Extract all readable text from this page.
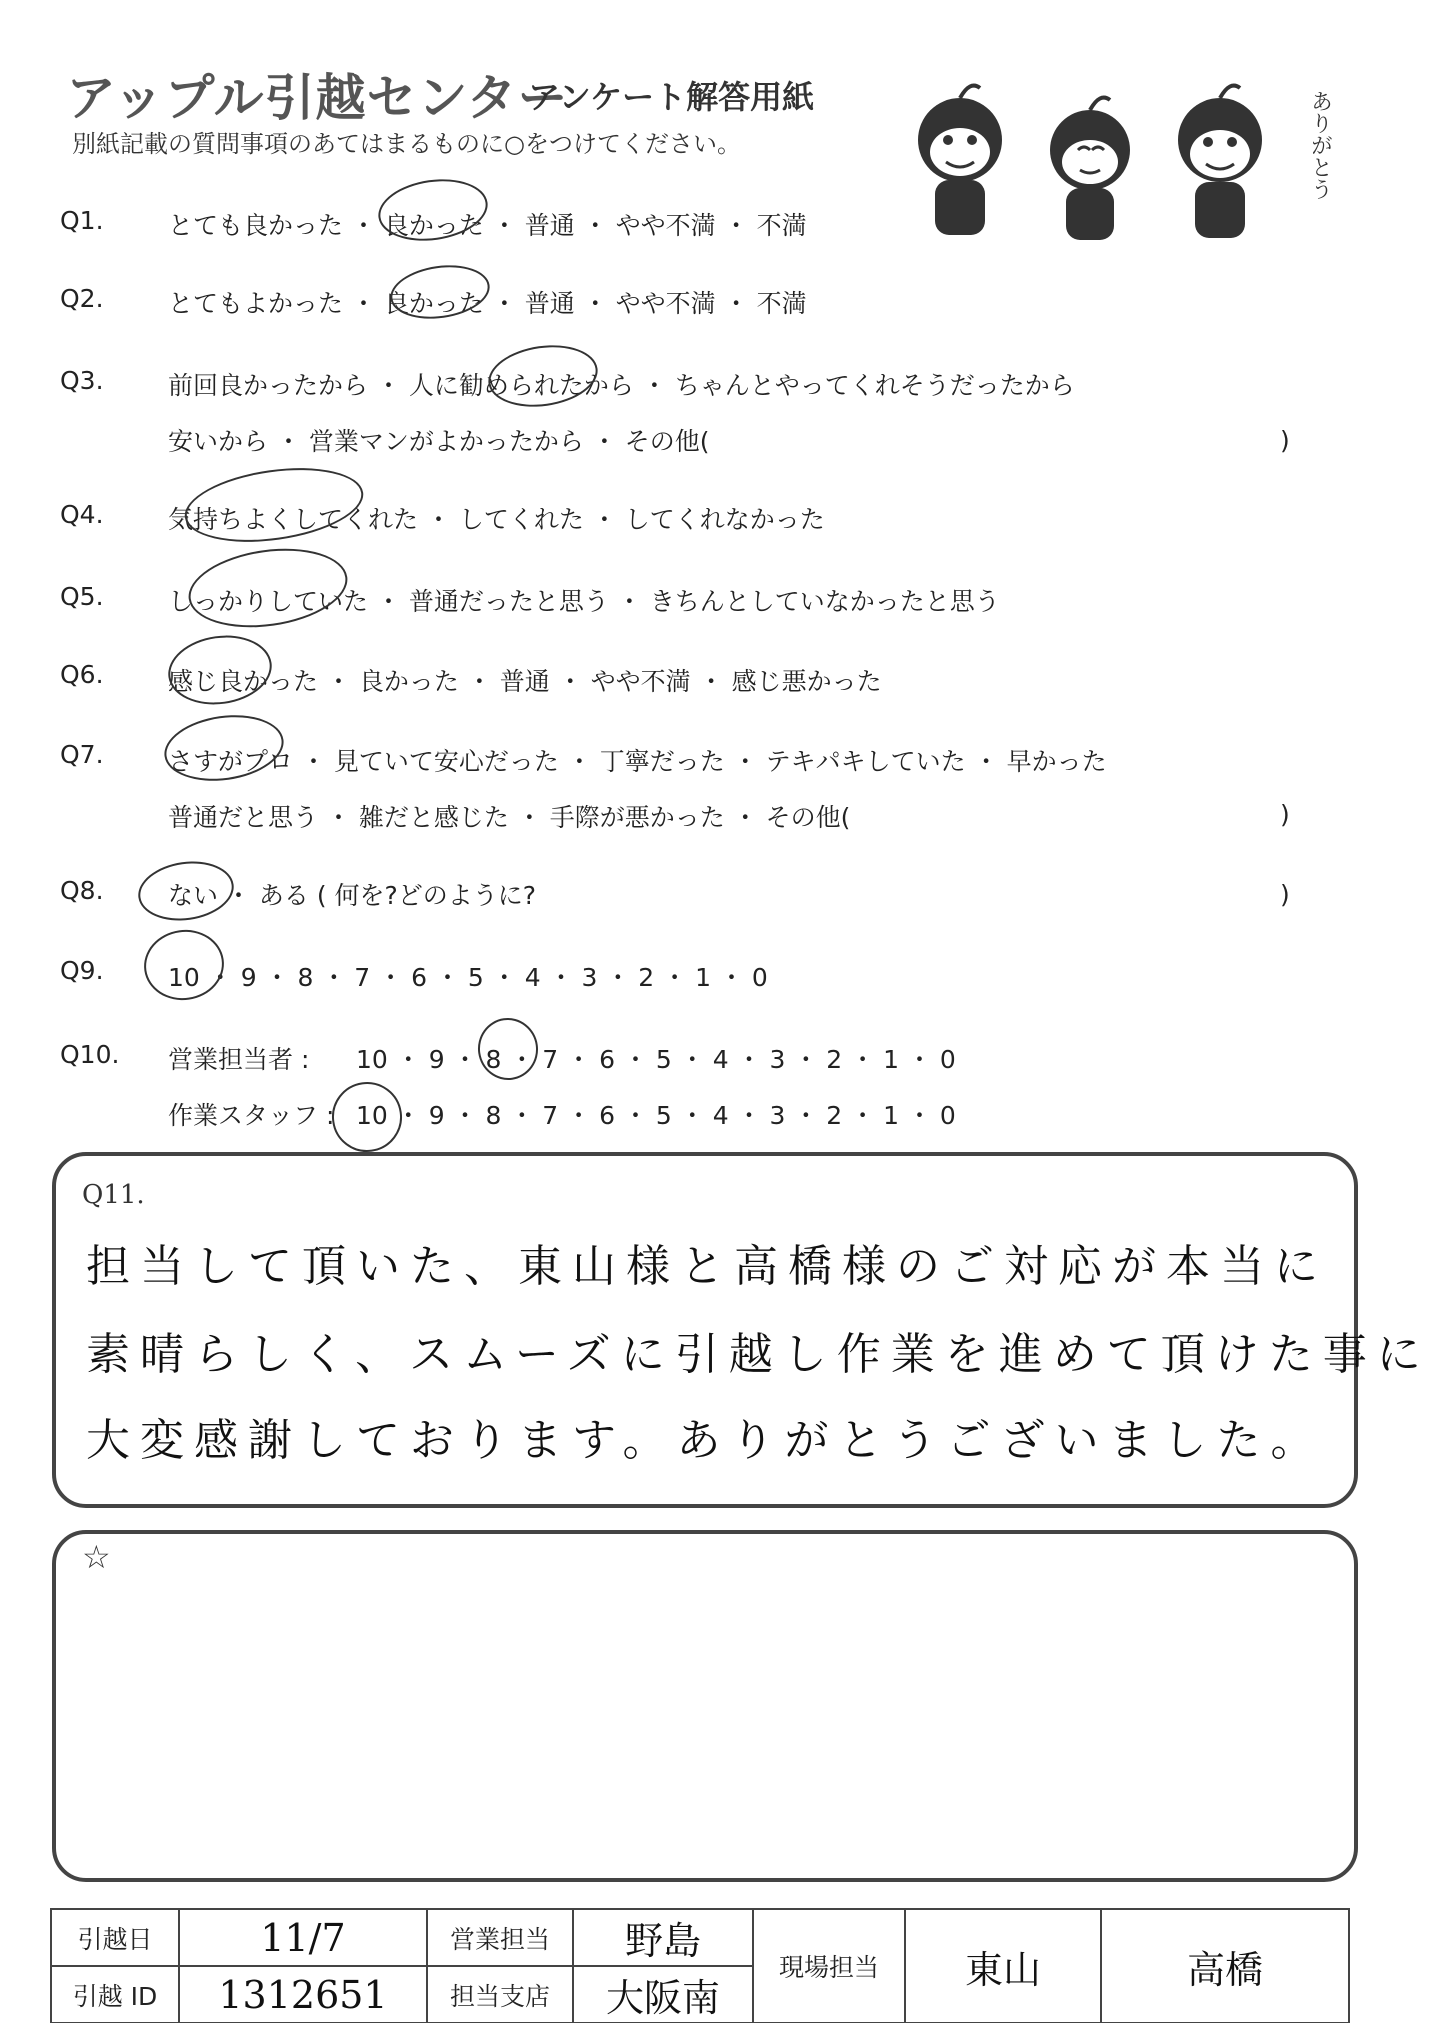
アップル引越センター
アンケート解答用紙
別紙記載の質問事項のあてはまるものに○をつけてください。	ありがとう
Q1.	とても良かった ・ 良かった ・ 普通 ・ やや不満 ・ 不満
Q2.	とてもよかった ・ 良かった ・ 普通 ・ やや不満 ・ 不満
Q3.	前回良かったから ・ 人に勧められたから ・ ちゃんとやってくれそうだったから
安いから ・ 営業マンがよかったから ・ その他(	)
Q4.	気持ちよくしてくれた ・ してくれた ・ してくれなかった
Q5.	しっかりしていた ・ 普通だったと思う ・ きちんとしていなかったと思う
Q6.	感じ良かった ・ 良かった ・ 普通 ・ やや不満 ・ 感じ悪かった
Q7.	さすがプロ ・ 見ていて安心だった ・ 丁寧だった ・ テキパキしていた ・ 早かった
普通だと思う ・ 雑だと感じた ・ 手際が悪かった ・ その他(	)
Q8.	ない ・ ある ( 何を?どのように?	)
Q9.	10 ・ 9 ・ 8 ・ 7 ・ 6 ・ 5 ・ 4 ・ 3 ・ 2 ・ 1 ・ 0
Q10. 営業担当者 : 10 ・ 9 ・ 8 ・ 7 ・ 6 ・ 5 ・ 4 ・ 3 ・ 2 ・ 1 ・ 0
作業スタッフ : 10 ・ 9 ・ 8 ・ 7 ・ 6 ・ 5 ・ 4 ・ 3 ・ 2 ・ 1 ・ 0
Q11.
担当して頂いた、東山様と高橋様のご対応が本当に
素晴らしく、スムーズに引越し作業を進めて頂けた事に
大変感謝しております。ありがとうございました。
☆
引越日	11/7	営業担当	野島	現場担当	東山	高橋
引越 ID	1312651	担当支店	大阪南			
